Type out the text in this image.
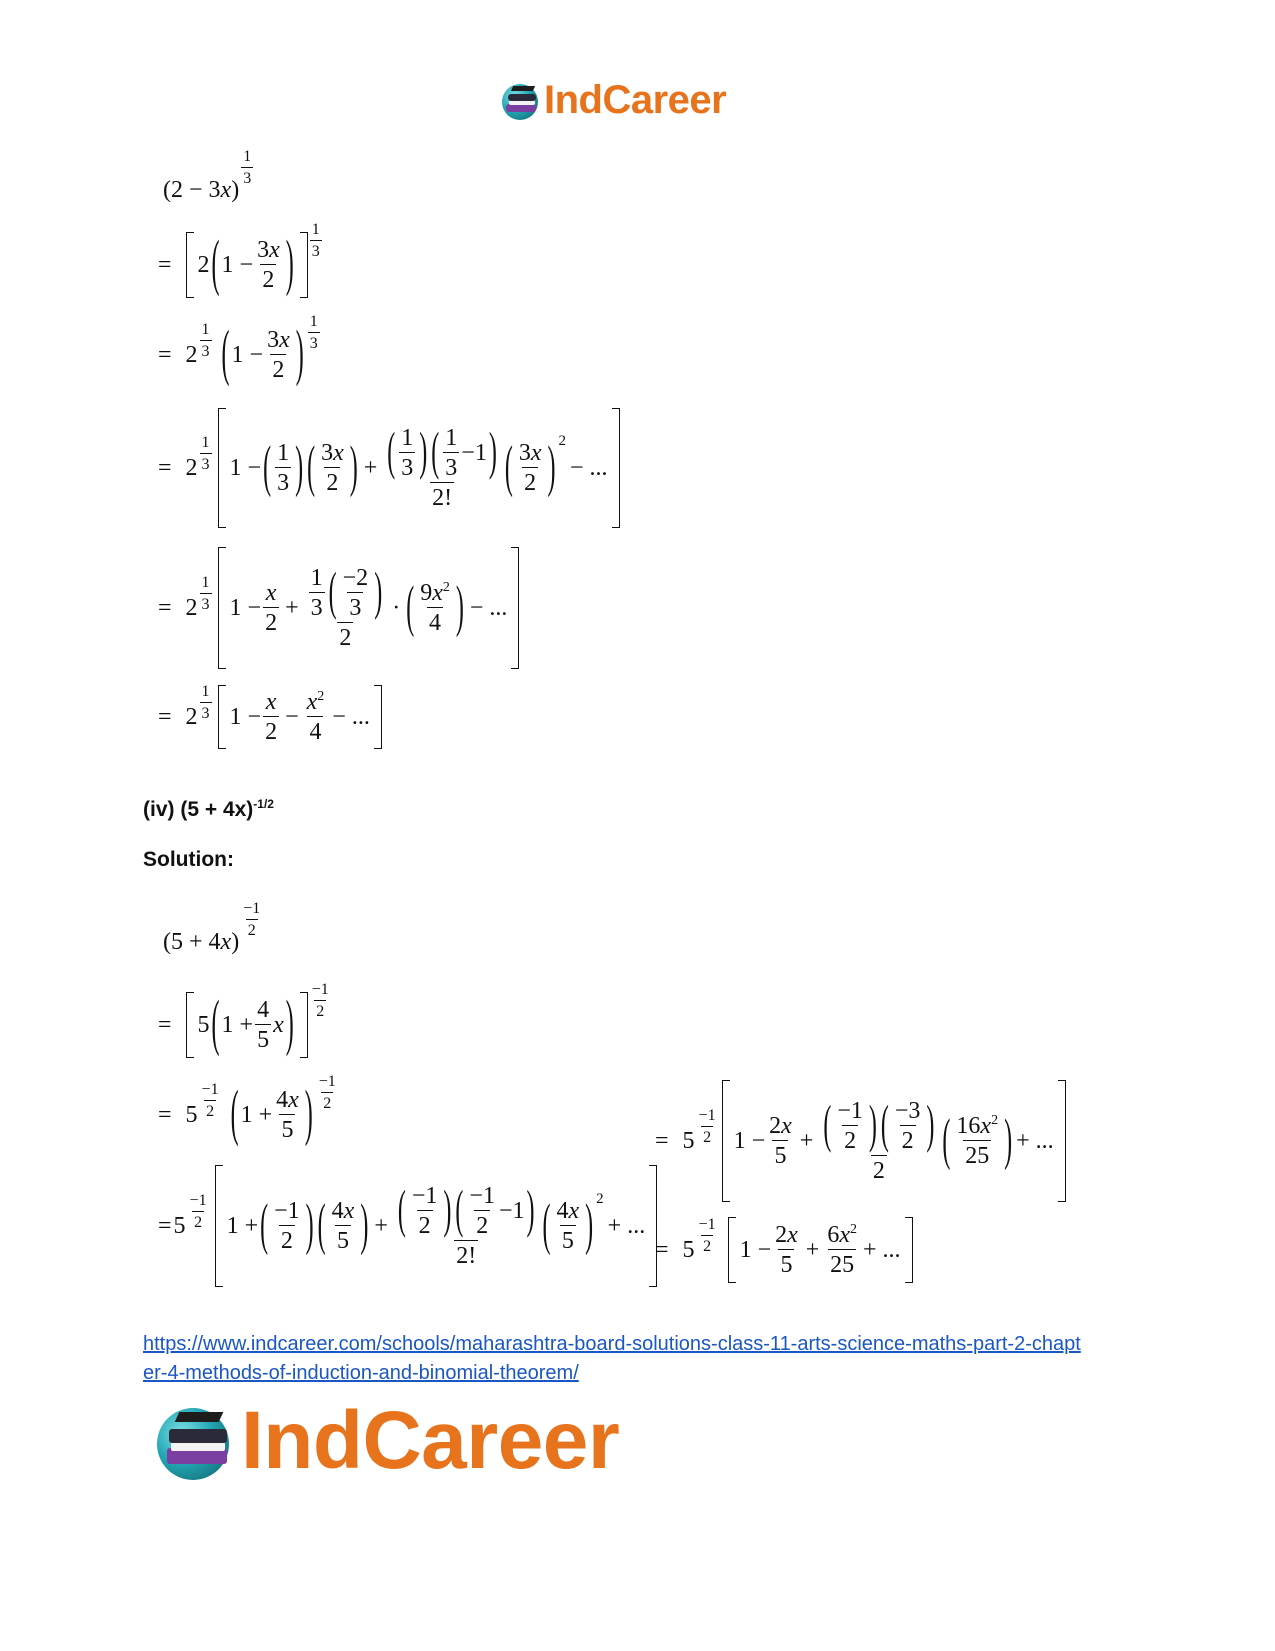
IndCareer
(2 − 3x)
$\frac{1}{3}$
= 2 ( $1 - \frac{3x}{2}$ ) $\frac{1}{3}$
= $2 \frac{1}{3}$ ( $1 - \frac{3x}{2}$ ) $\frac{1}{3}$
= $2 \frac{1}{3} 1$ − ( $\frac{1}{3}$ ) ( $\frac{3x}{2}$ ) + ( $\frac{1}{3}$ ) ( $\frac{1}{3} -1$ )
2! ( $\frac{3x}{2}$ ) 2
− ...
= $2 \frac{1}{3} 1 - \frac{x}{2} + \frac{\frac{1}{3} ( \frac{-2}{3} )}{2}$ · ( $\frac{9x^2}{4}$ ) − ...
= $2 \frac{1}{3} 1 - \frac{x}{2} - \frac{x^2}{4}$ − ...
(iv) $(5 + 4x)^{-1/2}$
Solution:
(5 + 4x)
$\frac{-1}{2}$
= 5 ( $1 + \frac{4}{5}$ x ) $\frac{-1}{2}$
= $5 \frac{-1}{2}$ ( $1 + \frac{4x}{5}$ ) $\frac{-1}{2}$
= $5 \frac{-1}{2} 1$ + ( $\frac{-1}{2}$ ) ( $\frac{4x}{5}$ ) + ( $\frac{-1}{2}$ ) ( $\frac{-1}{2} -1$ )
2!	( $\frac{4x}{5}$ ) 2
+ ...
= $5 \frac{-1}{2} 1 - \frac{2x}{5} + \frac{( \frac{-1}{2} ) ( \frac{-3}{2} )}{2}$ ( $\frac{16x^2}{25}$ ) + ...
= $5 \frac{-1}{2} 1 - \frac{2x}{5} + \frac{6x^2}{25}$ + ...
https://www.indcareer.com/schools/maharashtra-board-solutions-class-11-arts-science-maths-part-2-chapter-4-methods-of-induction-and-binomial-theorem/
IndCareer
